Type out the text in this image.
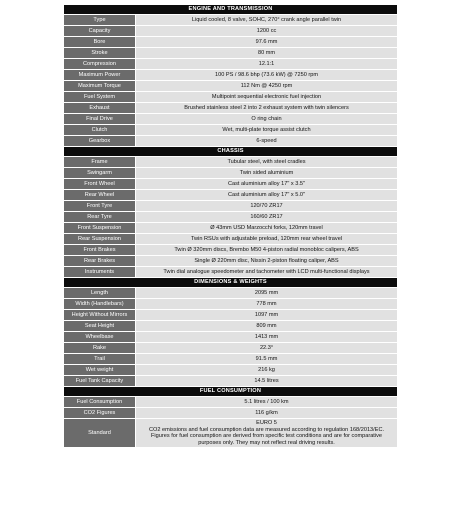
ENGINE AND TRANSMISSION	
Type	Liquid cooled, 8 valve, SOHC, 270° crank angle parallel twin
Capacity	1200 cc
Bore	97.6 mm
Stroke	80 mm
Compression	12.1:1
Maximum Power	100 PS / 98.6 bhp (73.6 kW) @ 7250 rpm
Maximum Torque	112 Nm @ 4250 rpm
Fuel System	Multipoint sequential electronic fuel injection
Exhaust	Brushed stainless steel 2 into 2 exhaust system with twin silencers
Final Drive	O ring chain
Clutch	Wet, multi-plate torque assist clutch
Gearbox	6-speed
CHASSIS	
Frame	Tubular steel, with steel cradles
Swingarm	Twin sided aluminium
Front Wheel	Cast aluminium alloy 17" x 3.5"
Rear Wheel	Cast aluminium alloy 17" x 5.0"
Front Tyre	120/70 ZR17
Rear Tyre	160/60 ZR17
Front Suspension	Ø 43mm USD Marzocchi forks, 120mm travel
Rear Suspension	Twin RSUs with adjustable preload, 120mm rear wheel travel
Front Brakes	Twin Ø 320mm discs, Brembo M50 4-piston radial monobloc calipers, ABS
Rear Brakes	Single Ø 220mm disc, Nissin 2-piston floating caliper, ABS
Instruments	Twin dial analogue speedometer and tachometer with LCD multi-functional displays
DIMENSIONS & WEIGHTS	
Length	2095 mm
Width (Handlebars)	778 mm
Height Without Mirrors	1097 mm
Seat Height	809 mm
Wheelbase	1413 mm
Rake	22.3°
Trail	91.5 mm
Wet weight	216 kg
Fuel Tank Capacity	14.5 litres
FUEL CONSUMPTION	
Fuel Consumption	5.1 litres / 100 km
CO2 Figures	116 g/km
Standard	EURO 5
CO2 emissions and fuel consumption data are measured according to regulation 168/2013/EC. Figures for fuel consumption are derived from specific test conditions and are for comparative purposes only. They may not reflect real driving results.
